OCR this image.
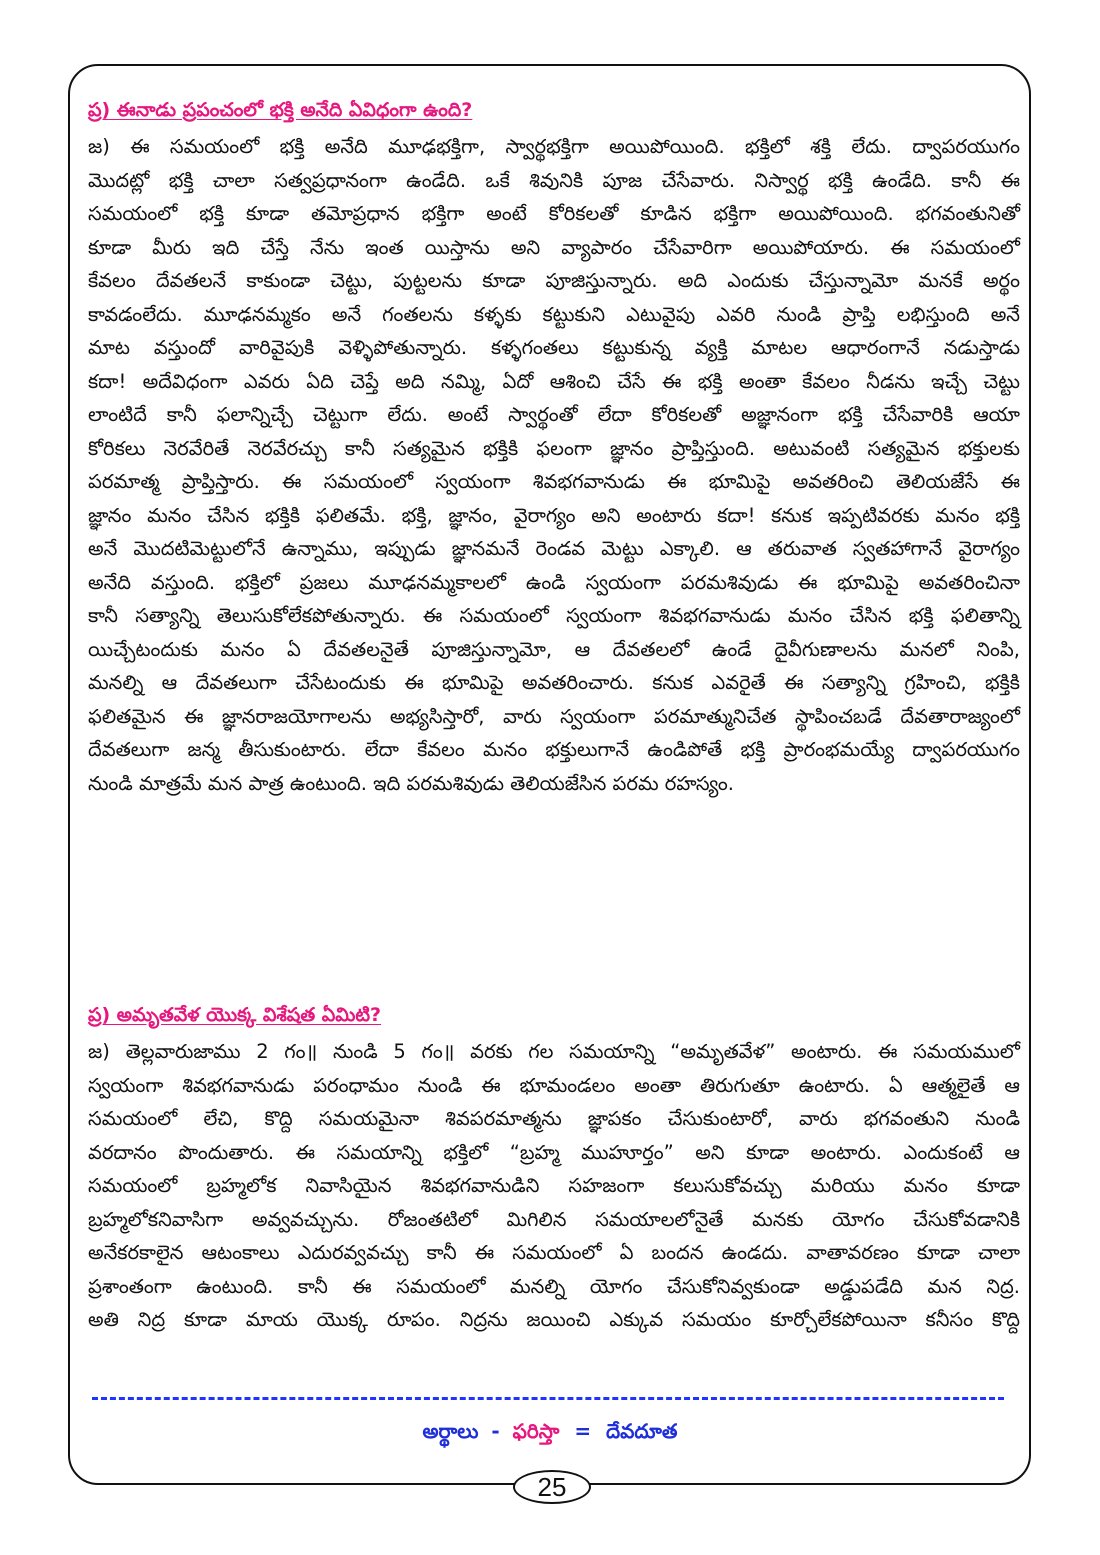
ప్ర) ఈనాడు ప్రపంచంలో భక్తి అనేది ఏవిధంగా ఉంది?
జ) ఈ సమయంలో భక్తి అనేది మూఢభక్తిగా, స్వార్థభక్తిగా అయిపోయింది. భక్తిలో శక్తి లేదు. ద్వాపరయుగం
మొదట్లో భక్తి చాలా సత్వప్రధానంగా ఉండేది. ఒకే శివునికి పూజ చేసేవారు. నిస్వార్థ భక్తి ఉండేది. కానీ ఈ
సమయంలో భక్తి కూడా తమోప్రధాన భక్తిగా అంటే కోరికలతో కూడిన భక్తిగా అయిపోయింది. భగవంతునితో
కూడా మీరు ఇది చేస్తే నేను ఇంత యిస్తాను అని వ్యాపారం చేసేవారిగా అయిపోయారు. ఈ సమయంలో
కేవలం దేవతలనే కాకుండా చెట్టు, పుట్టలను కూడా పూజిస్తున్నారు. అది ఎందుకు చేస్తున్నామో మనకే అర్థం
కావడంలేదు. మూఢనమ్మకం అనే గంతలను కళ్ళకు కట్టుకుని ఎటువైపు ఎవరి నుండి ప్రాప్తి లభిస్తుంది అనే
మాట వస్తుందో వారివైపుకి వెళ్ళిపోతున్నారు. కళ్ళగంతలు కట్టుకున్న వ్యక్తి మాటల ఆధారంగానే నడుస్తాడు
కదా! అదేవిధంగా ఎవరు ఏది చెప్తే అది నమ్మి, ఏదో ఆశించి చేసే ఈ భక్తి అంతా కేవలం నీడను ఇచ్చే చెట్టు
లాంటిదే కానీ ఫలాన్నిచ్చే చెట్టుగా లేదు. అంటే స్వార్థంతో లేదా కోరికలతో అజ్ఞానంగా భక్తి చేసేవారికి ఆయా
కోరికలు నెరవేరితే నెరవేరచ్చు కానీ సత్యమైన భక్తికి ఫలంగా జ్ఞానం ప్రాప్తిస్తుంది. అటువంటి సత్యమైన భక్తులకు
పరమాత్మ ప్రాప్తిస్తారు. ఈ సమయంలో స్వయంగా శివభగవానుడు ఈ భూమిపై అవతరించి తెలియజేసే ఈ
జ్ఞానం మనం చేసిన భక్తికి ఫలితమే. భక్తి, జ్ఞానం, వైరాగ్యం అని అంటారు కదా! కనుక ఇప్పటివరకు మనం భక్తి
అనే మొదటిమెట్టులోనే ఉన్నాము, ఇప్పుడు జ్ఞానమనే రెండవ మెట్టు ఎక్కాలి. ఆ తరువాత స్వతహాగానే వైరాగ్యం
అనేది వస్తుంది. భక్తిలో ప్రజలు మూఢనమ్మకాలలో ఉండి స్వయంగా పరమశివుడు ఈ భూమిపై అవతరించినా
కానీ సత్యాన్ని తెలుసుకోలేకపోతున్నారు. ఈ సమయంలో స్వయంగా శివభగవానుడు మనం చేసిన భక్తి ఫలితాన్ని
యిచ్చేటందుకు మనం ఏ దేవతలనైతే పూజిస్తున్నామో, ఆ దేవతలలో ఉండే దైవీగుణాలను మనలో నింపి,
మనల్ని ఆ దేవతలుగా చేసేటందుకు ఈ భూమిపై అవతరించారు. కనుక ఎవరైతే ఈ సత్యాన్ని గ్రహించి, భక్తికి
ఫలితమైన ఈ జ్ఞానరాజయోగాలను అభ్యసిస్తారో, వారు స్వయంగా పరమాత్మునిచేత స్థాపించబడే దేవతారాజ్యంలో
దేవతలుగా జన్మ తీసుకుంటారు. లేదా కేవలం మనం భక్తులుగానే ఉండిపోతే భక్తి ప్రారంభమయ్యే ద్వాపరయుగం
నుండి మాత్రమే మన పాత్ర ఉంటుంది. ఇది పరమశివుడు తెలియజేసిన పరమ రహస్యం.
ప్ర) అమృతవేళ యొక్క విశేషత ఏమిటి?
జ) తెల్లవారుజాము 2 గం॥ నుండి 5 గం॥ వరకు గల సమయాన్ని “అమృతవేళ” అంటారు. ఈ సమయములో
స్వయంగా శివభగవానుడు పరంధామం నుండి ఈ భూమండలం అంతా తిరుగుతూ ఉంటారు. ఏ ఆత్మలైతే ఆ
సమయంలో లేచి, కొద్ది సమయమైనా శివపరమాత్మను జ్ఞాపకం చేసుకుంటారో, వారు భగవంతుని నుండి
వరదానం పొందుతారు. ఈ సమయాన్ని భక్తిలో “బ్రహ్మ ముహూర్తం” అని కూడా అంటారు. ఎందుకంటే ఆ
సమయంలో బ్రహ్మలోక నివాసియైన శివభగవానుడిని సహజంగా కలుసుకోవచ్చు మరియు మనం కూడా
బ్రహ్మలోకనివాసిగా అవ్వవచ్చును. రోజంతటిలో మిగిలిన సమయాలలోనైతే మనకు యోగం చేసుకోవడానికి
అనేకరకాలైన ఆటంకాలు ఎదురవ్వవచ్చు కానీ ఈ సమయంలో ఏ బందన ఉండదు. వాతావరణం కూడా చాలా
ప్రశాంతంగా ఉంటుంది. కానీ ఈ సమయంలో మనల్ని యోగం చేసుకోనివ్వకుండా అడ్డుపడేది మన నిద్ర.
అతి నిద్ర కూడా మాయ యొక్క రూపం. నిద్రను జయించి ఎక్కువ సమయం కూర్చోలేకపోయినా కనీసం కొద్ది
అర్థాలు - ఫరిస్తా = దేవదూత
25
